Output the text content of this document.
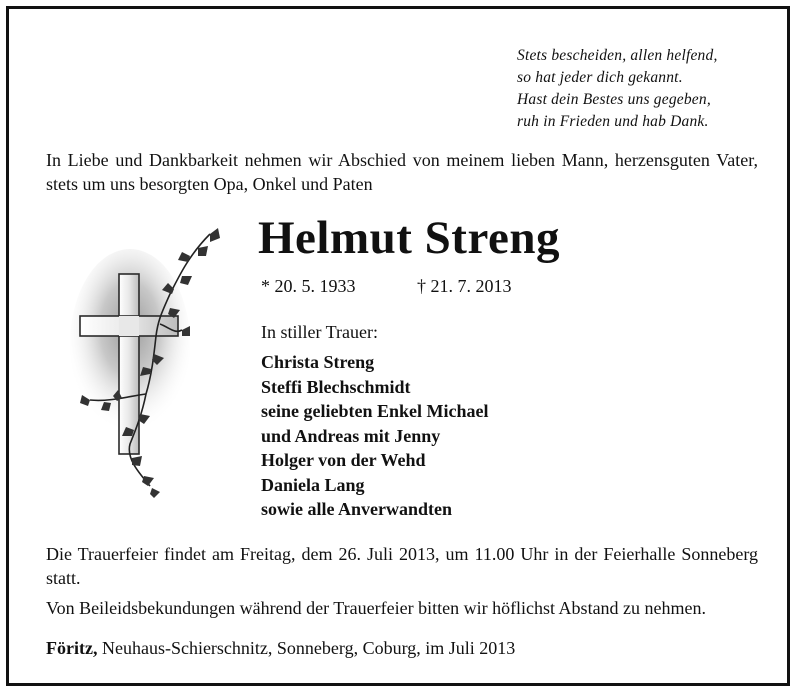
Stets bescheiden, allen helfend,
so hat jeder dich gekannt.
Hast dein Bestes uns gegeben,
ruh in Frieden und hab Dank.
In Liebe und Dankbarkeit nehmen wir Abschied von meinem lieben Mann, herzensguten Vater, stets um uns besorgten Opa, Onkel und Paten
Helmut Streng
* 20. 5. 1933	† 21. 7. 2013
In stiller Trauer:
Christa Streng
Steffi Blechschmidt
seine geliebten Enkel Michael
und Andreas mit Jenny
Holger von der Wehd
Daniela Lang
sowie alle Anverwandten
Die Trauerfeier findet am Freitag, dem 26. Juli 2013, um 11.00 Uhr in der Feierhalle Sonneberg statt.
Von Beileidsbekundungen während der Trauerfeier bitten wir höflichst Abstand zu nehmen.
Föritz, Neuhaus-Schierschnitz, Sonneberg, Coburg, im Juli 2013
